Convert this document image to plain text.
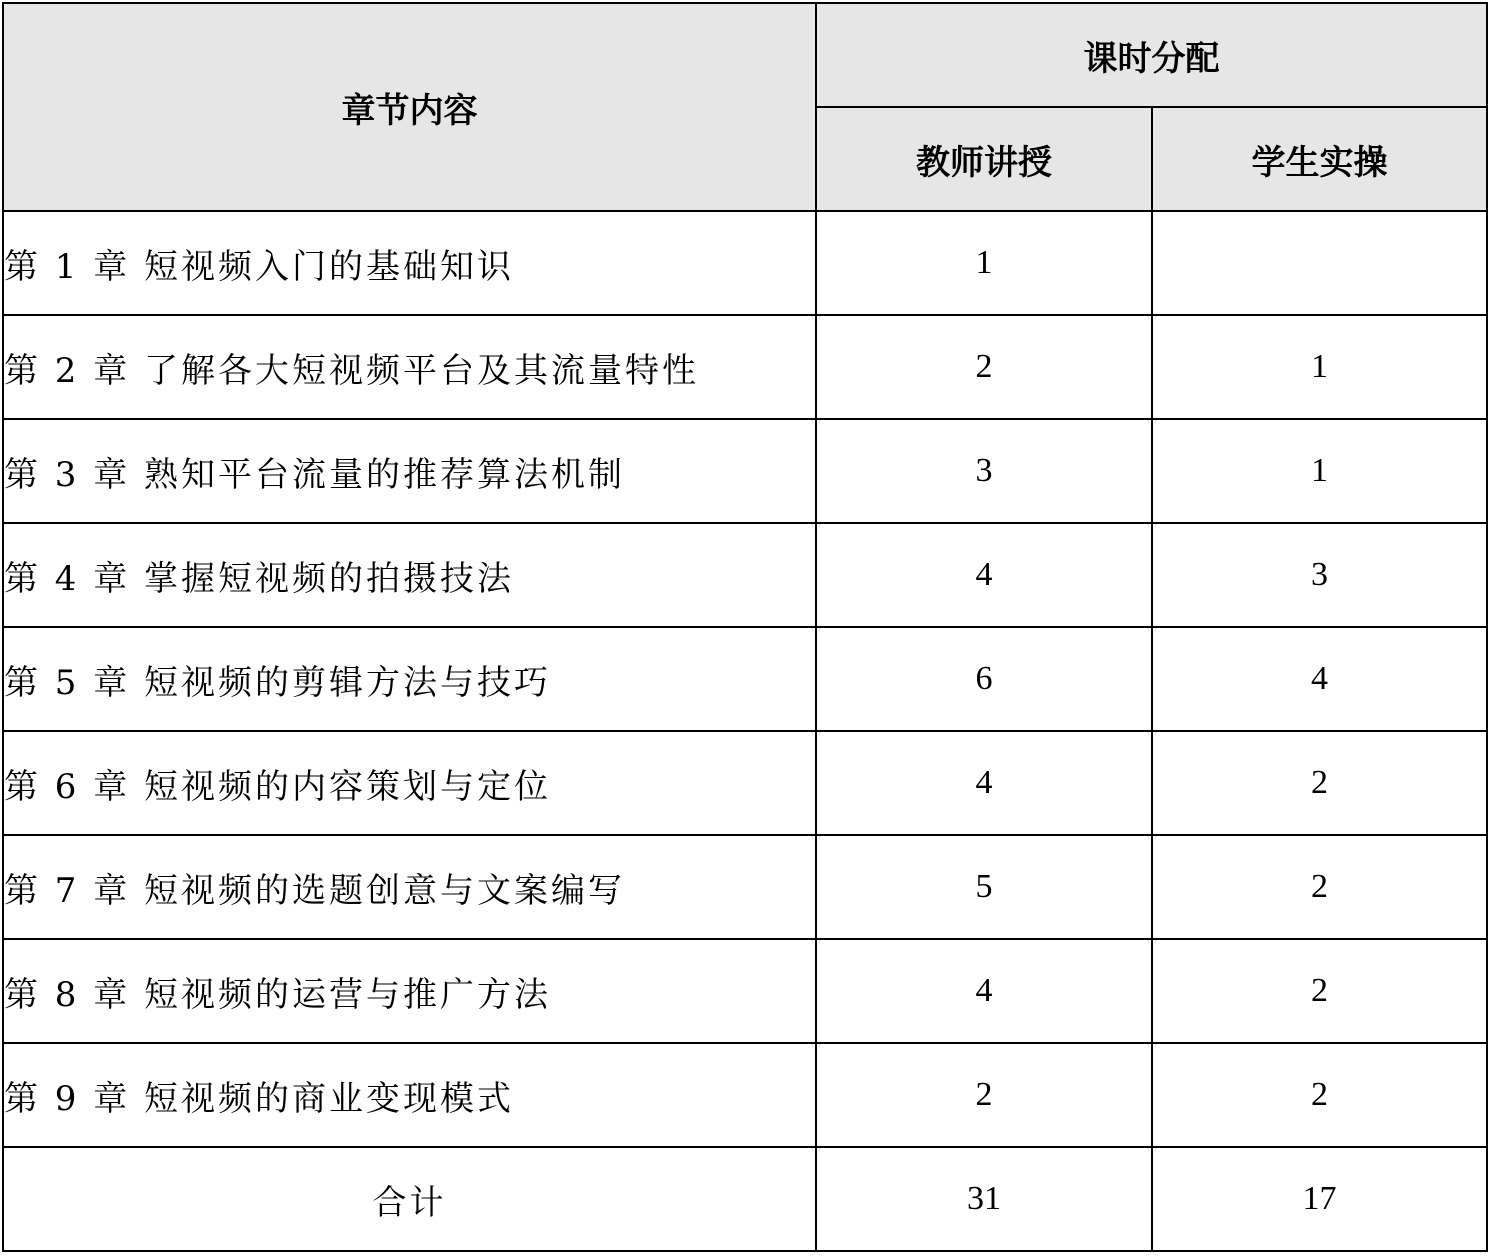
章节内容	课时分配	
	教师讲授	学生实操
第 1 章 短视频入门的基础知识	1	
第 2 章 了解各大短视频平台及其流量特性	2	1
第 3 章 熟知平台流量的推荐算法机制	3	1
第 4 章 掌握短视频的拍摄技法	4	3
第 5 章 短视频的剪辑方法与技巧	6	4
第 6 章 短视频的内容策划与定位	4	2
第 7 章 短视频的选题创意与文案编写	5	2
第 8 章 短视频的运营与推广方法	4	2
第 9 章 短视频的商业变现模式	2	2
合计	31	17
